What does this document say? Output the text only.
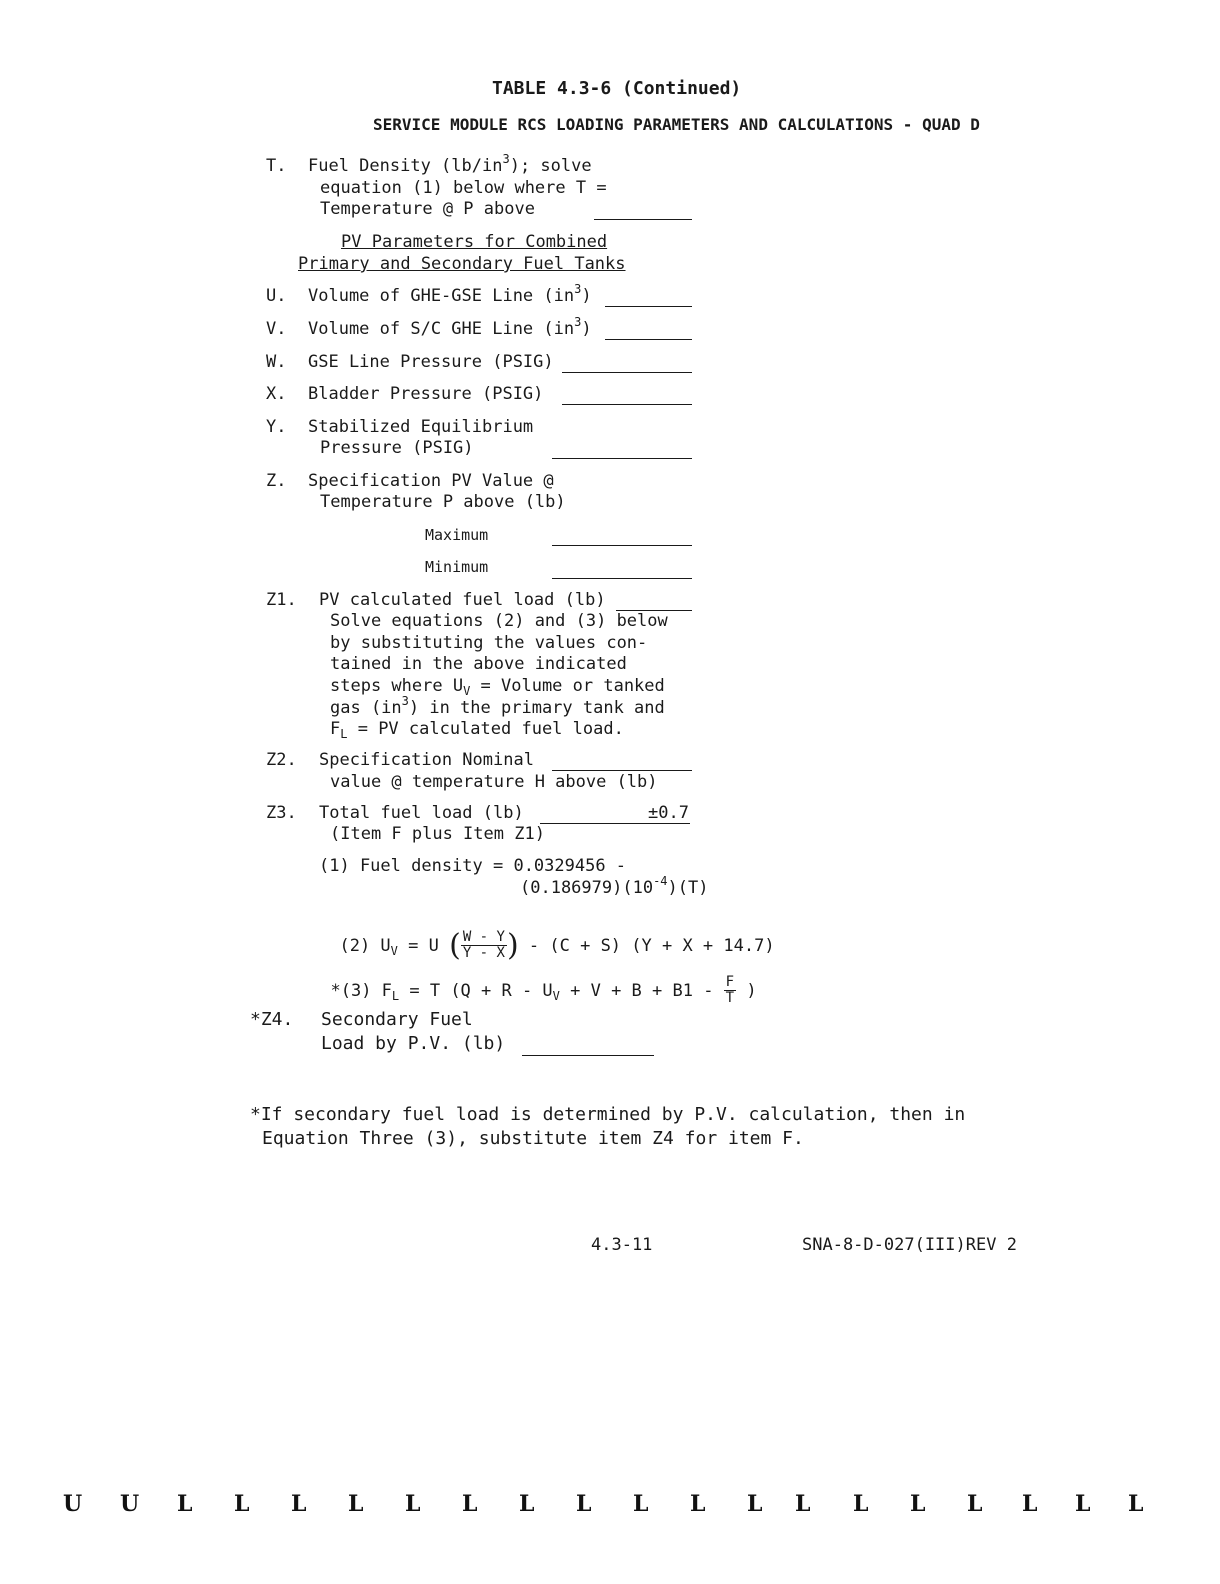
TABLE 4.3-6 (Continued)
SERVICE MODULE RCS LOADING PARAMETERS AND CALCULATIONS - QUAD D
T. Fuel Density $(lb/in^3)$; solve
equation (1) below where T =
Temperature @ P above
PV Parameters for Combined
Primary and Secondary Fuel Tanks
U. Volume of GHE-GSE Line $(in^3)$
V. Volume of S/C GHE Line $(in^3)$
W. GSE Line Pressure (PSIG)
X. Bladder Pressure (PSIG)
Y. Stabilized Equilibrium
Pressure (PSIG)
Z. Specification PV Value @
Temperature P above (lb)
Maximum
Minimum
Z1. PV calculated fuel load (lb)
Solve equations (2) and (3) below
by substituting the values con-
tained in the above indicated
steps where $U_V$ = Volume or tanked
gas $(in^3)$ in the primary tank and
$F_L$ = PV calculated fuel load.
Z2. Specification Nominal
value @ temperature H above (lb)
Z3. Total fuel load (lb)	±0.7
(Item F plus Item Z1)
(1) Fuel density = 0.0329456 -
$(0.186979)(10^{-4})(T)$

(2) $U_V = U$ ( $\frac{W - Y}{Y - X}$ ) - (C + S) (Y + X + 14.7)

*(3) $F_L = T$ ($Q + R - U_V + V + B + B1 - \frac{F}{T}$ )

*Z4. Secondary Fuel
Load by P.V. (lb)
*If secondary fuel load is determined by P.V. calculation, then in
Equation Three (3), substitute item Z4 for item F.
4.3-11	SNA-8-D-027(III)REV 2
U U L L L L L L L L L L L L L L L L L L
